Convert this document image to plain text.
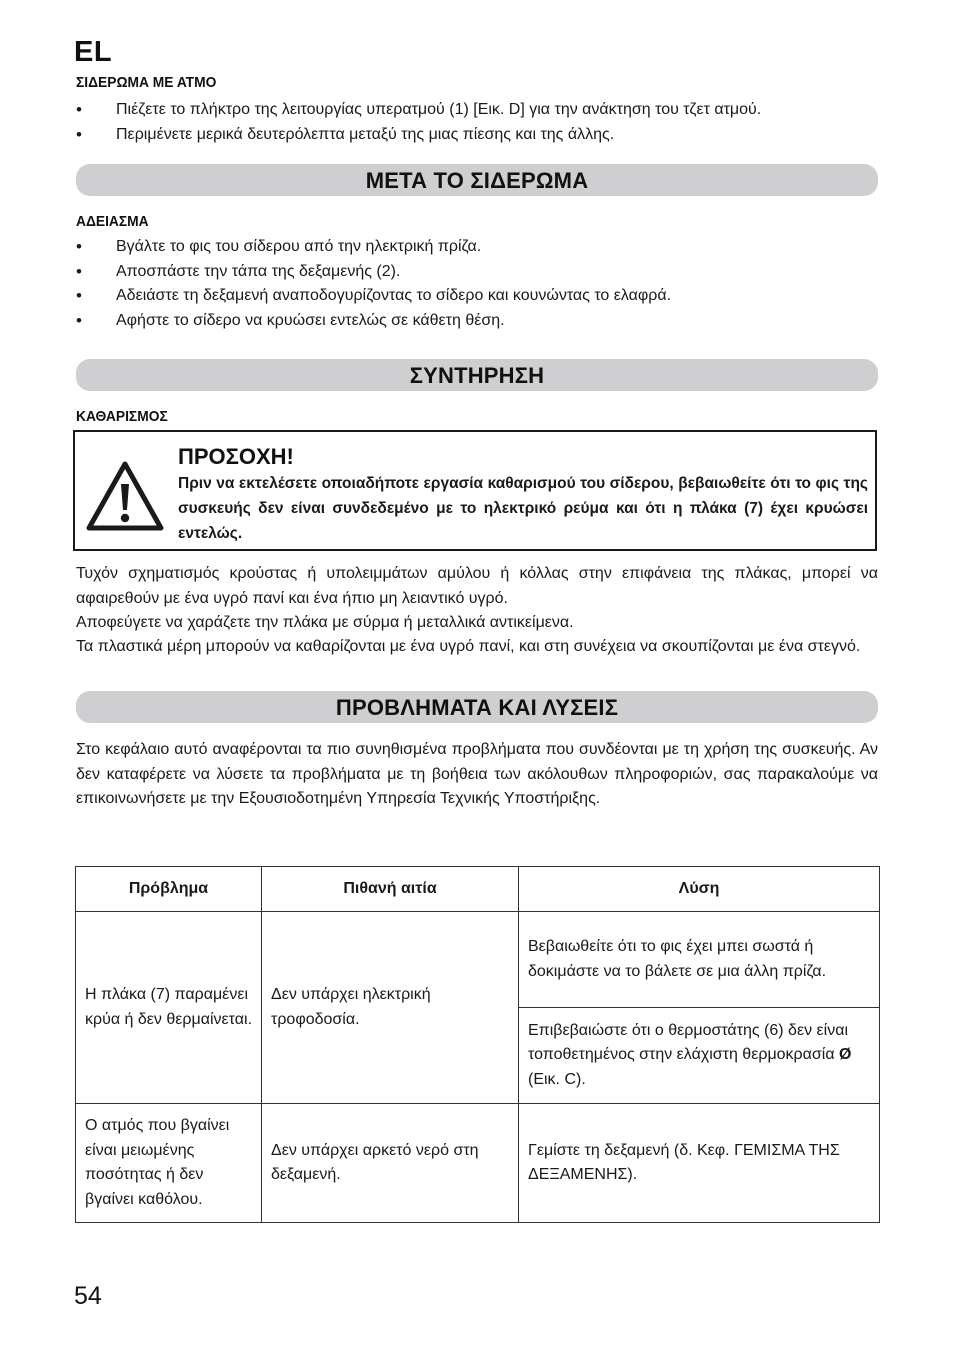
EL
ΣΙΔΕΡΩΜΑ ΜΕ ΑΤΜΟ
• Πιέζετε το πλήκτρο της λειτουργίας υπερατμού (1) [Εικ. D] για την ανάκτηση του τζετ ατμού.
• Περιμένετε μερικά δευτερόλεπτα μεταξύ της μιας πίεσης και της άλλης.
ΜΕΤΑ ΤΟ ΣΙΔΕΡΩΜΑ
ΑΔΕΙΑΣΜΑ
• Βγάλτε το φις του σίδερου από την ηλεκτρική πρίζα.
• Αποσπάστε την τάπα της δεξαμενής (2).
• Αδειάστε τη δεξαμενή αναποδογυρίζοντας το σίδερο και κουνώντας το ελαφρά.
• Αφήστε το σίδερο να κρυώσει εντελώς σε κάθετη θέση.
ΣΥΝΤΗΡΗΣΗ
ΚΑΘΑΡΙΣΜΟΣ
ΠΡΟΣΟΧΗ!
Πριν να εκτελέσετε οποιαδήποτε εργασία καθαρισμού του σίδερου, βεβαιωθείτε ότι το φις της συσκευής δεν είναι συνδεδεμένο με το ηλεκτρικό ρεύμα και ότι η πλάκα (7) έχει κρυώσει εντελώς.
Τυχόν σχηματισμός κρούστας ή υπολειμμάτων αμύλου ή κόλλας στην επιφάνεια της πλάκας, μπορεί να αφαιρεθούν με ένα υγρό πανί και ένα ήπιο μη λειαντικό υγρό.
Αποφεύγετε να χαράζετε την πλάκα με σύρμα ή μεταλλικά αντικείμενα.
Τα πλαστικά μέρη μπορούν να καθαρίζονται με ένα υγρό πανί, και στη συνέχεια να σκουπίζονται με ένα στεγνό.
ΠΡΟΒΛΗΜΑΤΑ ΚΑΙ ΛΥΣΕΙΣ
Στο κεφάλαιο αυτό αναφέρονται τα πιο συνηθισμένα προβλήματα που συνδέονται με τη χρήση της συσκευής. Αν δεν καταφέρετε να λύσετε τα προβλήματα με τη βοήθεια των ακόλουθων πληροφοριών, σας παρακαλούμε να επικοινωνήσετε με την Εξουσιοδοτημένη Υπηρεσία Τεχνικής Υποστήριξης.
Πρόβλημα	Πιθανή αιτία	Λύση
Η πλάκα (7) παραμένει κρύα ή δεν θερμαίνεται.	Δεν υπάρχει ηλεκτρική τροφοδοσία.	Βεβαιωθείτε ότι το φις έχει μπει σωστά ή δοκιμάστε να το βάλετε σε μια άλλη πρίζα.
		Επιβεβαιώστε ότι ο θερμοστάτης (6) δεν είναι τοποθετημένος στην ελάχιστη θερμοκρασία Ø (Εικ. C).
Ο ατμός που βγαίνει είναι μειωμένης ποσότητας ή δεν βγαίνει καθόλου.	Δεν υπάρχει αρκετό νερό στη δεξαμενή.	Γεμίστε τη δεξαμενή (δ. Κεφ. ΓΕΜΙΣΜΑ ΤΗΣ ΔΕΞΑΜΕΝΗΣ).
54
